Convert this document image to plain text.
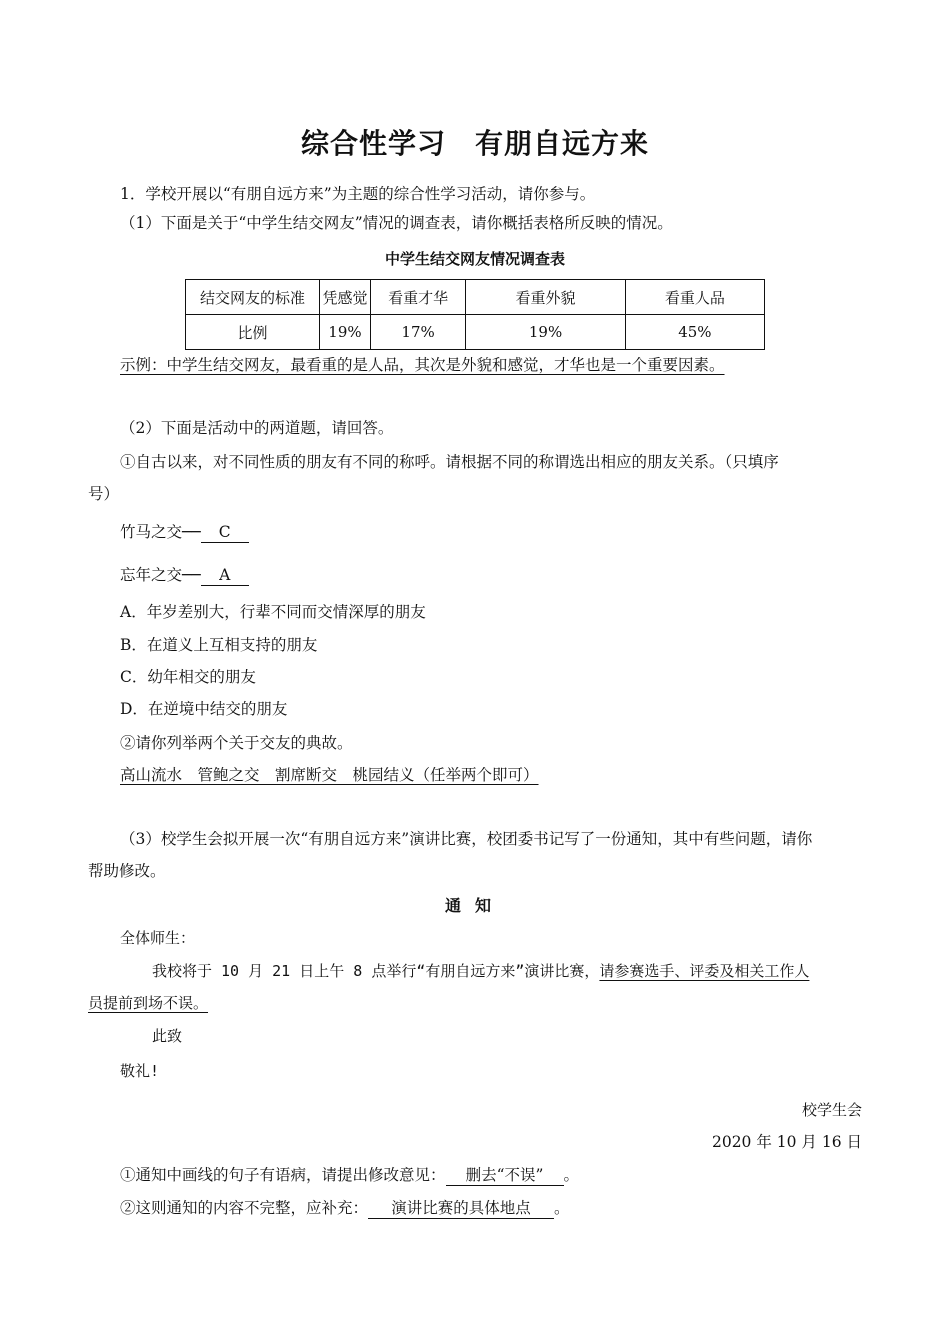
综合性学习　有朋自远方来
1．学校开展以“有朋自远方来”为主题的综合性学习活动，请你参与。
（1）下面是关于“中学生结交网友”情况的调查表，请你概括表格所反映的情况。
中学生结交网友情况调查表
结交网友的标准	凭感觉	看重才华	看重外貌	看重人品
比例	19%	17%	19%	45%
示例：中学生结交网友，最看重的是人品，其次是外貌和感觉，才华也是一个重要因素。
（2）下面是活动中的两道题，请回答。
①自古以来，对不同性质的朋友有不同的称呼。请根据不同的称谓选出相应的朋友关系。（只填序
号）
竹马之交── C
忘年之交── A
A．年岁差别大，行辈不同而交情深厚的朋友
B．在道义上互相支持的朋友
C．幼年相交的朋友
D．在逆境中结交的朋友
②请你列举两个关于交友的典故。
高山流水　管鲍之交　割席断交　桃园结义（任举两个即可）
（3）校学生会拟开展一次“有朋自远方来”演讲比赛，校团委书记写了一份通知，其中有些问题，请你
帮助修改。
通知
全体师生：
我校将于 10 月 21 日上午 8 点举行“有朋自远方来”演讲比赛，请参赛选手、评委及相关工作人
员提前到场不误。
此致
敬礼!
校学生会
2020 年 10 月 16 日
①通知中画线的句子有语病，请提出修改意见： 删去“不误” 。
②这则通知的内容不完整，应补充： 演讲比赛的具体地点 。
